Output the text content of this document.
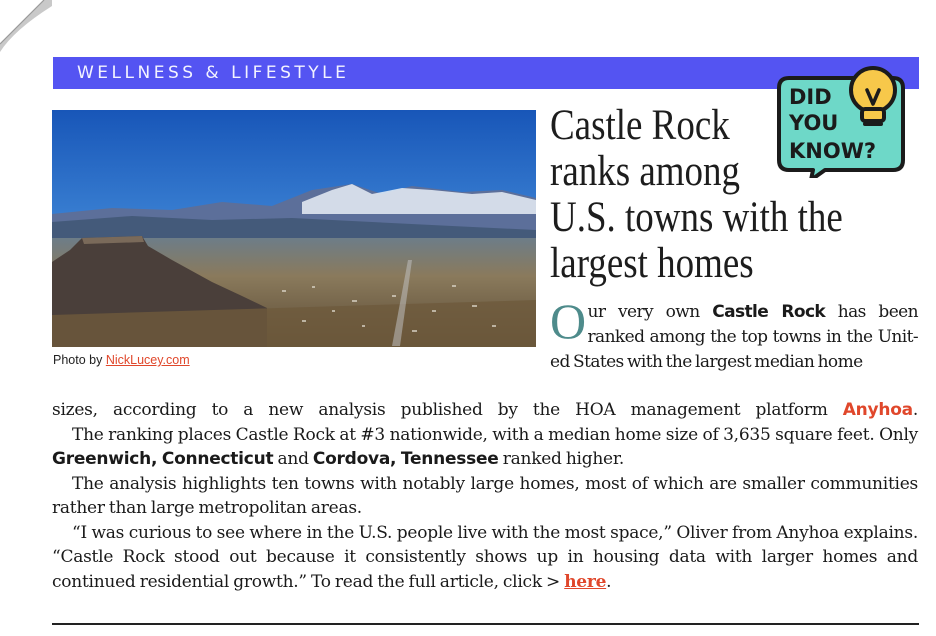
WELLNESS & LIFESTYLE
Photo by NickLucey.com
Castle Rock
ranks among
U.S. towns with the
largest homes
DID
YOU
KNOW?

Our very own Castle Rock has been ranked among the top towns in the Unit-ed States with the largest median home

sizes, according to a new analysis published by the HOA management platform Anyhoa.

The ranking places Castle Rock at #3 nationwide, with a median home size of 3,635 square feet. Only Greenwich, Connecticut and Cordova, Tennessee ranked higher.

The analysis highlights ten towns with notably large homes, most of which are smaller communities rather than large metropolitan areas.

“I was curious to see where in the U.S. people live with the most space,” Oliver from Anyhoa explains. “Castle Rock stood out because it consistently shows up in housing data with larger homes and continued residential growth.” To read the full article, click > here.
